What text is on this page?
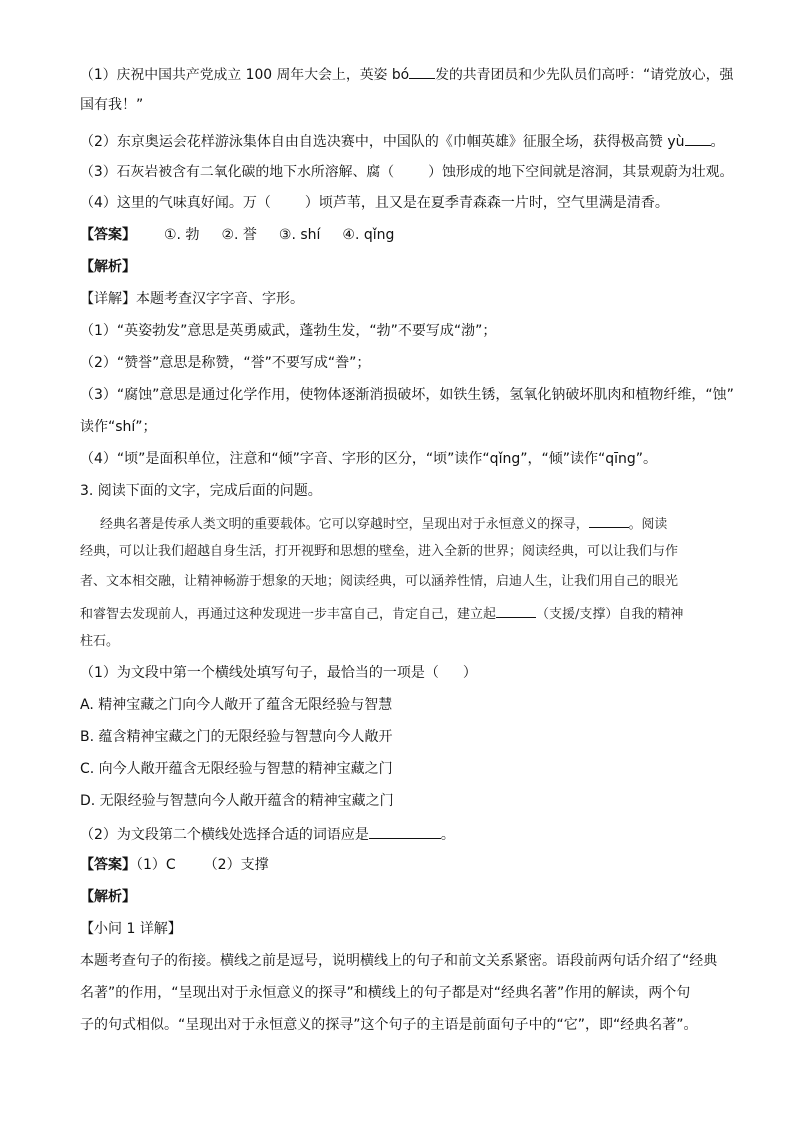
（1）庆祝中国共产党成立 100 周年大会上，英姿 bó 发的共青团员和少先队员们高呼：“请党放心，强
国有我！”
（2）东京奥运会花样游泳集体自由自选决赛中，中国队的《巾帼英雄》征服全场，获得极高赞 yù 。
（3）石灰岩被含有二氧化碳的地下水所溶解、腐（ ）蚀形成的地下空间就是溶洞，其景观蔚为壮观。
（4）这里的气味真好闻。万（ ）顷芦苇，且又是在夏季青森森一片时，空气里满是清香。
【答案】 ①. 勃 ②. 誉 ③. shí ④. qǐng
【解析】
【详解】本题考查汉字字音、字形。
（1）“英姿勃发”意思是英勇威武，蓬勃生发，“勃”不要写成“渤”；
（2）“赞誉”意思是称赞，“誉”不要写成“誊”；
（3）“腐蚀”意思是通过化学作用，使物体逐渐消损破坏，如铁生锈，氢氧化钠破坏肌肉和植物纤维，“蚀”
读作“shí”；
（4）“顷”是面积单位，注意和“倾”字音、字形的区分，“顷”读作“qǐng”，“倾”读作“qīng”。
3. 阅读下面的文字，完成后面的问题。
经典名著是传承人类文明的重要载体。它可以穿越时空，呈现出对于永恒意义的探寻，	。阅读
经典，可以让我们超越自身生活，打开视野和思想的壁垒，进入全新的世界；阅读经典，可以让我们与作
者、文本相交融，让精神畅游于想象的天地；阅读经典，可以涵养性情，启迪人生，让我们用自己的眼光
和睿智去发现前人，再通过这种发现进一步丰富自己，肯定自己，建立起	（支援/支撑）自我的精神
柱石。
（1）为文段中第一个横线处填写句子，最恰当的一项是（ ）
A. 精神宝藏之门向今人敞开了蕴含无限经验与智慧
B. 蕴含精神宝藏之门的无限经验与智慧向今人敞开
C. 向今人敞开蕴含无限经验与智慧的精神宝藏之门
D. 无限经验与智慧向今人敞开蕴含的精神宝藏之门
（2）为文段第二个横线处选择合适的词语应是	。
【答案】（1）C （2）支撑
【解析】
【小问 1 详解】
本题考查句子的衔接。横线之前是逗号，说明横线上的句子和前文关系紧密。语段前两句话介绍了“经典
名著”的作用，“呈现出对于永恒意义的探寻”和横线上的句子都是对“经典名著”作用的解读，两个句
子的句式相似。“呈现出对于永恒意义的探寻”这个句子的主语是前面句子中的“它”，即“经典名著”。
